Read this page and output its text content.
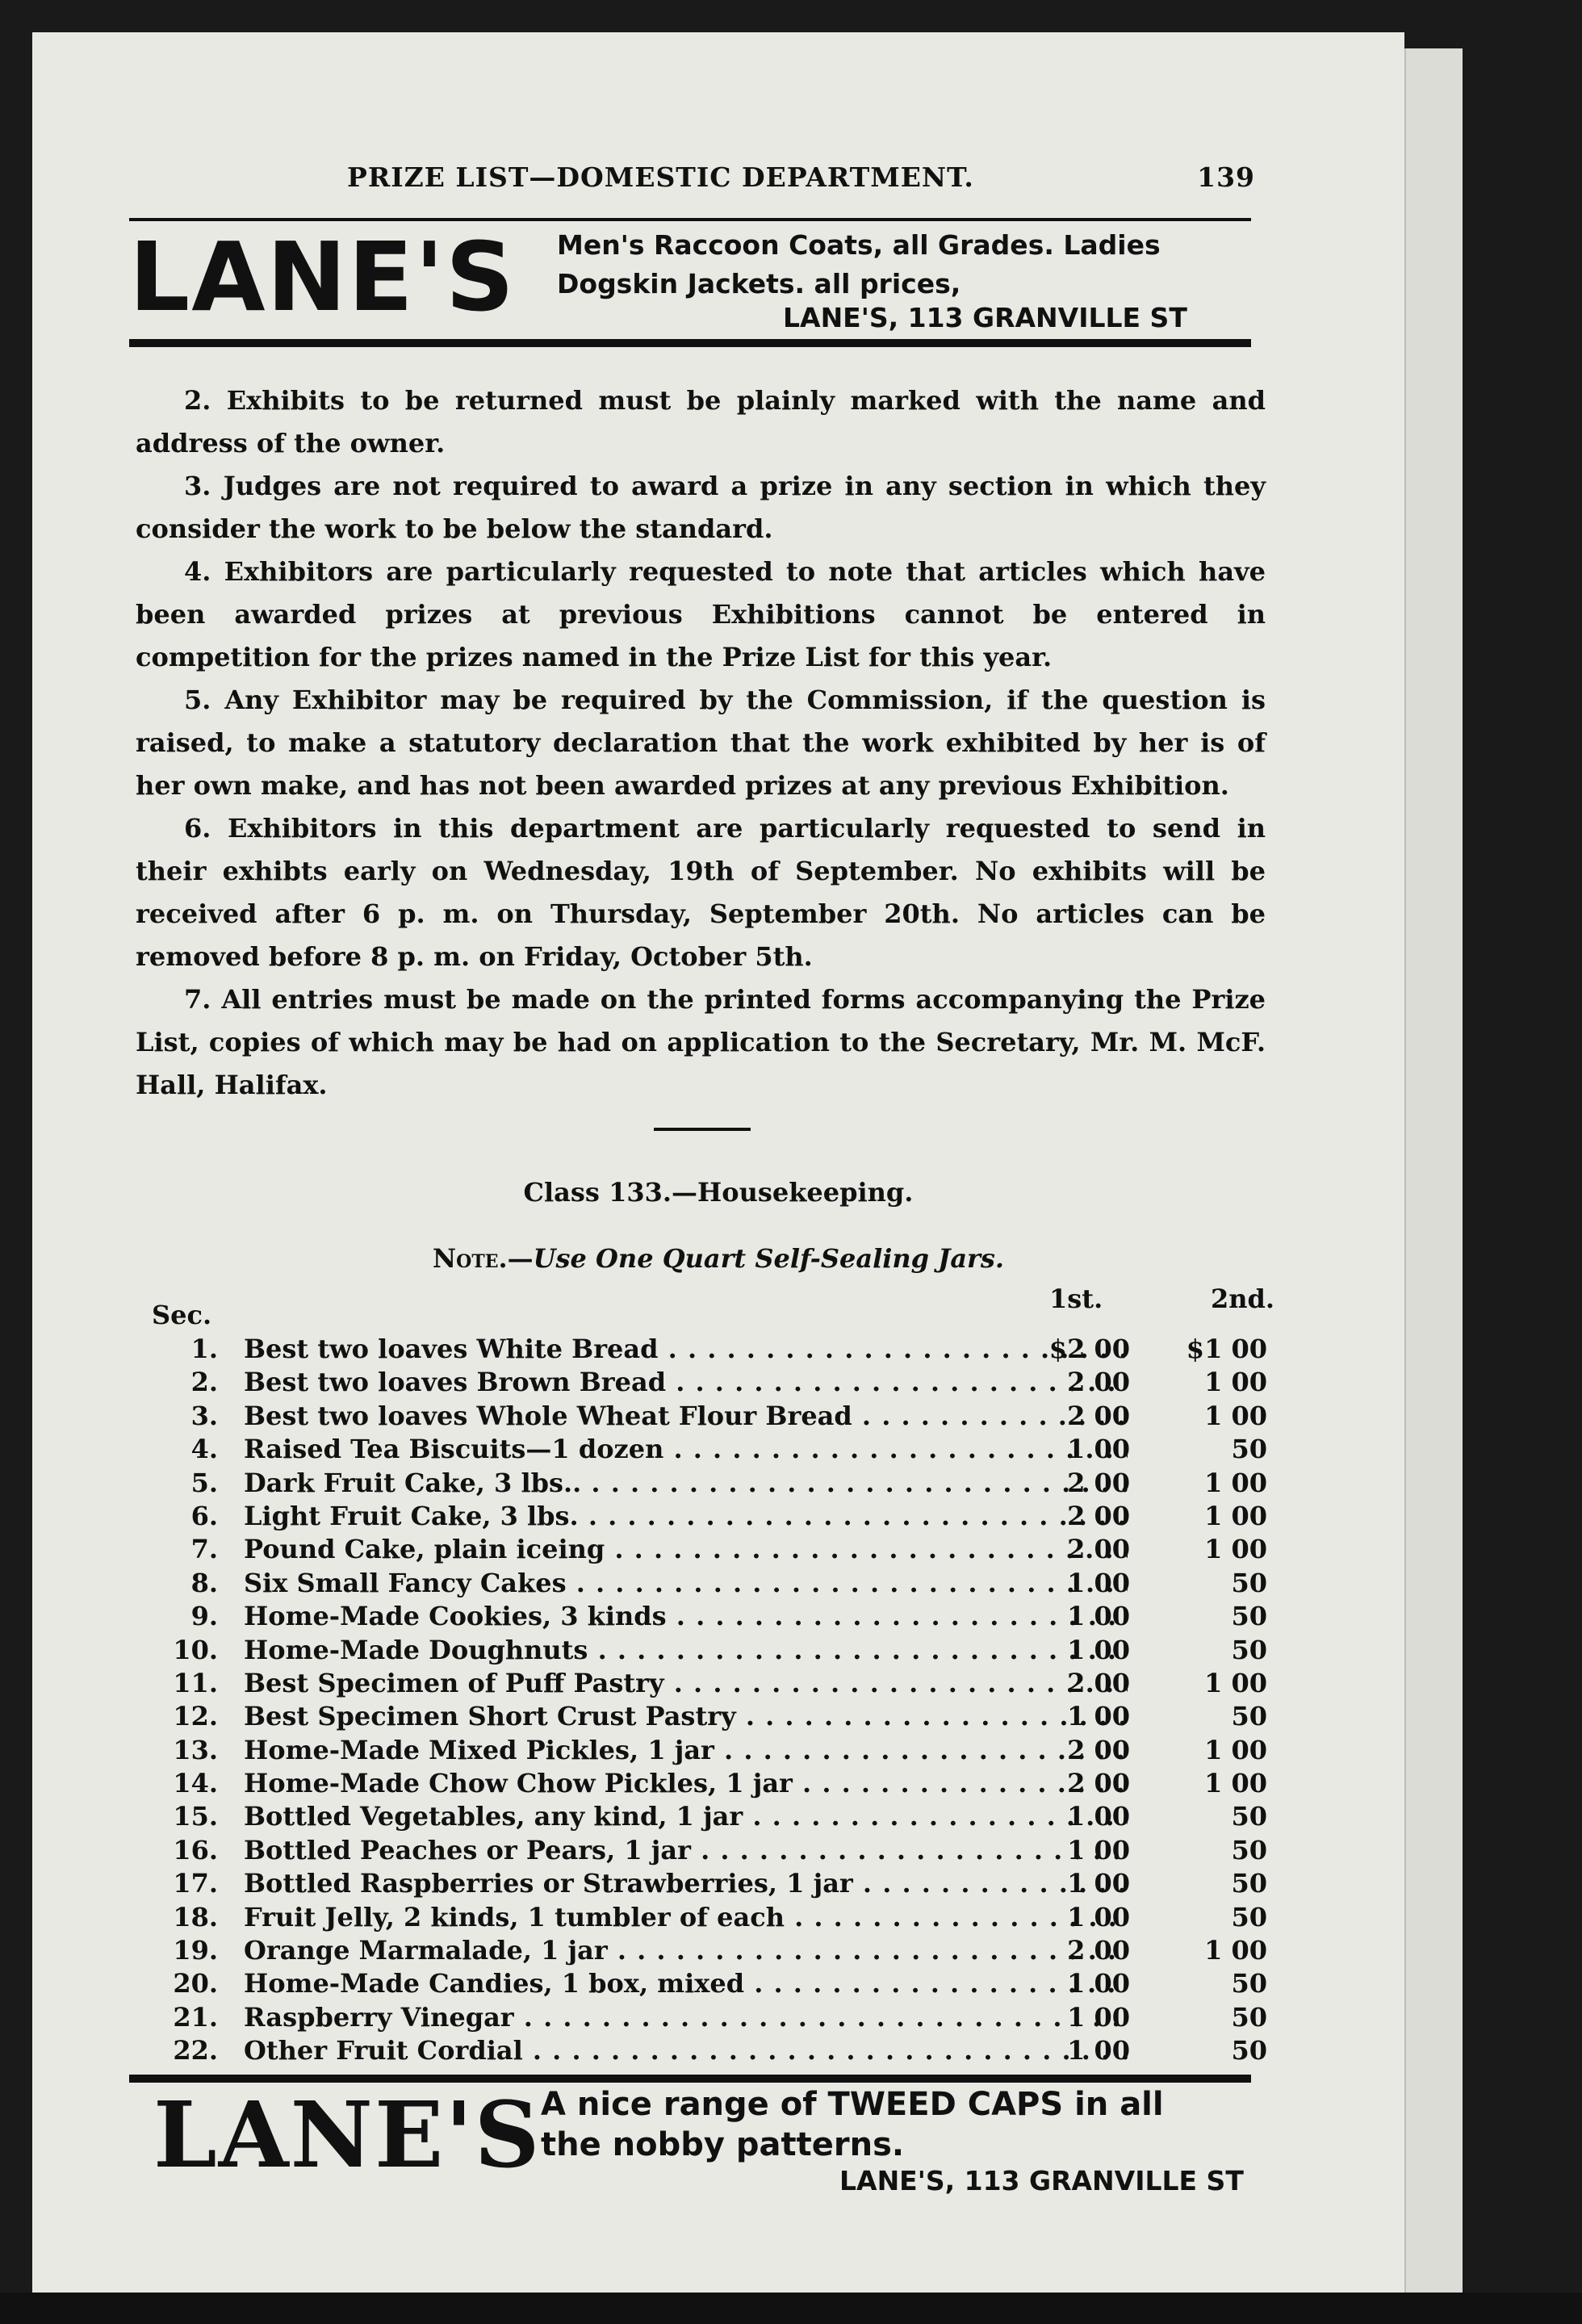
PRIZE LIST—DOMESTIC DEPARTMENT.	139
LANE'S Men's Raccoon Coats, all Grades. Ladies
Dogskin Jackets. all prices,
LANE'S, 113 GRANVILLE ST

2. Exhibits to be returned must be plainly marked with the name and address of the owner.

3. Judges are not required to award a prize in any section in which they consider the work to be below the standard.

4. Exhibitors are particularly requested to note that articles which have been awarded prizes at previous Exhibitions cannot be entered in competition for the prizes named in the Prize List for this year.

5. Any Exhibitor may be required by the Commission, if the question is raised, to make a statutory declaration that the work exhibited by her is of her own make, and has not been awarded prizes at any previous Exhibition.

6. Exhibitors in this department are particularly requested to send in their exhibts early on Wednesday, 19th of September. No exhibits will be received after 6 p. m. on Thursday, September 20th. No articles can be removed before 8 p. m. on Friday, October 5th.

7. All entries must be made on the printed forms accompanying the Prize List, copies of which may be had on application to the Secretary, Mr. M. McF. Hall, Halifax.

Class 133.—Housekeeping.
Note.—Use One Quart Self-Sealing Jars.
Sec.
1st.	2nd.
1. Best two loaves White Bread . . .	$2 00	$1 00
2. Best two loaves Brown Bread . . .	2 00	1 00
3. Best two loaves Whole Wheat Flour Bread . . .	2 00	1 00
4. Raised Tea Biscuits—1 dozen . . .	1 00	50
5. Dark Fruit Cake, 3 lbs.. . . .	2 00	1 00
6. Light Fruit Cake, 3 lbs. . . .	2 00	1 00
7. Pound Cake, plain iceing . . .	2 00	1 00
8. Six Small Fancy Cakes . . .	1 00	50
9. Home-Made Cookies, 3 kinds . . .	1 00	50
10. Home-Made Doughnuts . . .	1 00	50
11. Best Specimen of Puff Pastry . . .	2 00	1 00
12. Best Specimen Short Crust Pastry . . .	1 00	50
13. Home-Made Mixed Pickles, 1 jar . . .	2 00	1 00
14. Home-Made Chow Chow Pickles, 1 jar . . .	2 00	1 00
15. Bottled Vegetables, any kind, 1 jar . . .	1 00	50
16. Bottled Peaches or Pears, 1 jar . . .	1 00	50
17. Bottled Raspberries or Strawberries, 1 jar . . .	1 00	50
18. Fruit Jelly, 2 kinds, 1 tumbler of each . . .	1 00	50
19. Orange Marmalade, 1 jar . . .	2 00	1 00
20. Home-Made Candies, 1 box, mixed . . .	1 00	50
21. Raspberry Vinegar . . .	1 00	50
22. Other Fruit Cordial . . .	1 00	50
LANE'S A nice range of TWEED CAPS in all
the nobby patterns.
LANE'S, 113 GRANVILLE ST
